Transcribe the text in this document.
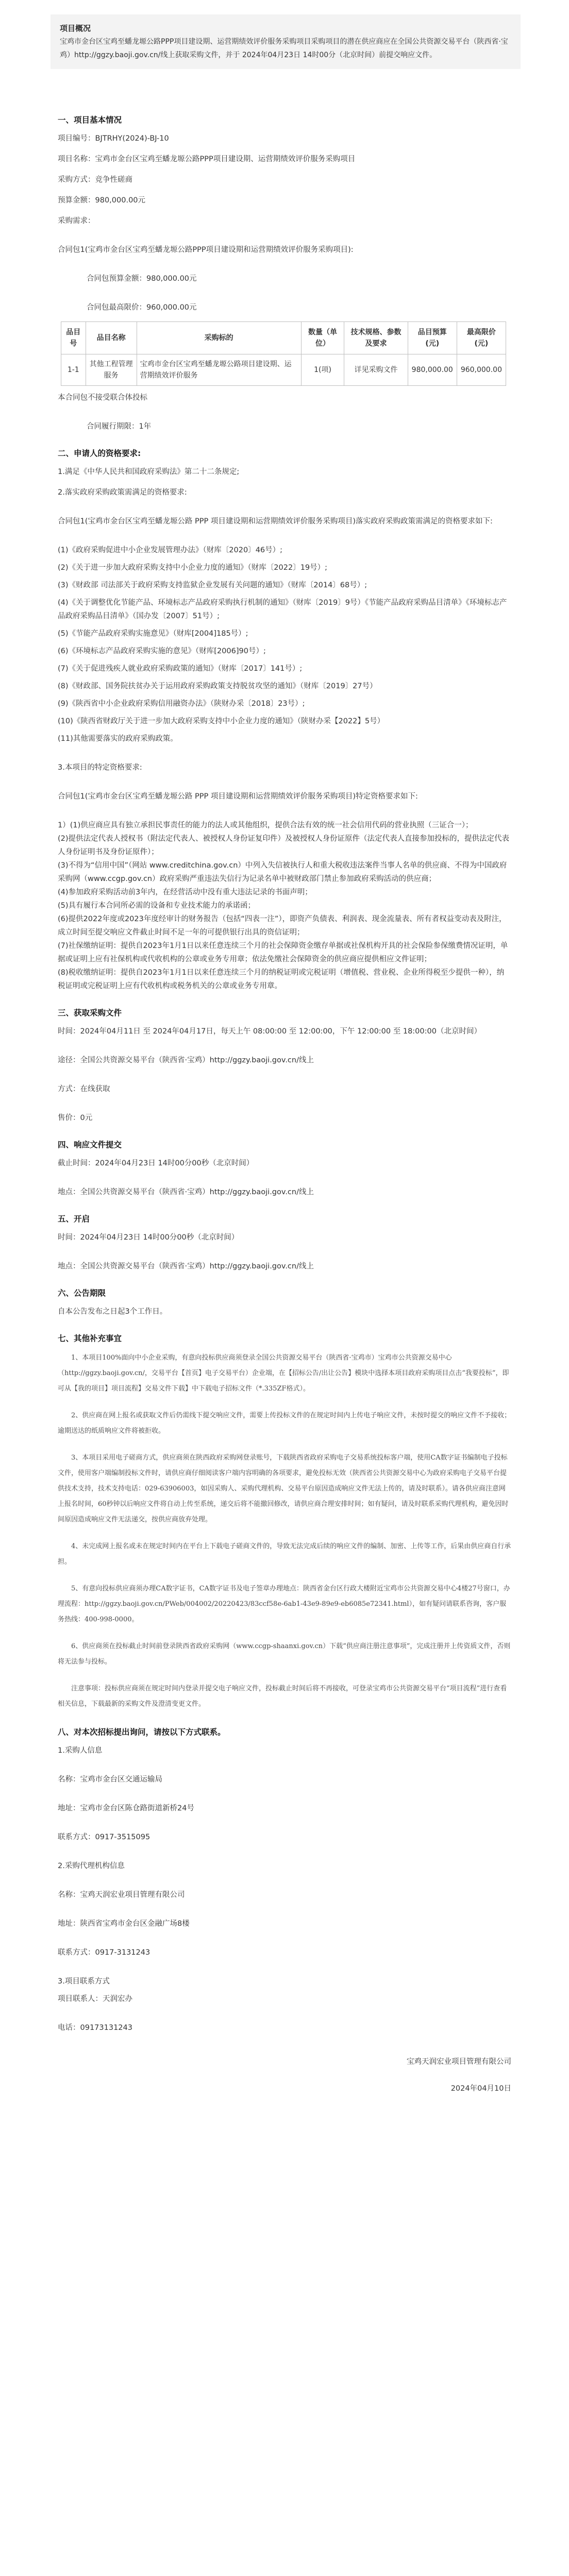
项目概况
宝鸡市金台区宝鸡至蟠龙塬公路PPP项目建设期、运营期绩效评价服务采购项目采购项目的潜在供应商应在全国公共资源交易平台（陕西省·宝鸡）http://ggzy.baoji.gov.cn/线上获取采购文件，并于 2024年04月23日 14时00分（北京时间）前提交响应文件。
一、项目基本情况

项目编号：BJTRHY(2024)-BJ-10

项目名称：宝鸡市金台区宝鸡至蟠龙塬公路PPP项目建设期、运营期绩效评价服务采购项目

采购方式：竞争性磋商

预算金额：980,000.00元

采购需求：

合同包1(宝鸡市金台区宝鸡至蟠龙塬公路PPP项目建设期和运营期绩效评价服务采购项目):

合同包预算金额：980,000.00元

合同包最高限价：960,000.00元

品目号	品目名称	采购标的	数量（单位）	技术规格、参数及要求	品目预算(元)	最高限价(元)
1-1	其他工程管理服务	宝鸡市金台区宝鸡至蟠龙塬公路项目建设期、运营期绩效评价服务	1(项)	详见采购文件	980,000.00	960,000.00

本合同包不接受联合体投标

合同履行期限：1年

二、申请人的资格要求:

1.满足《中华人民共和国政府采购法》第二十二条规定;

2.落实政府采购政策需满足的资格要求:

合同包1(宝鸡市金台区宝鸡至蟠龙塬公路 PPP 项目建设期和运营期绩效评价服务采购项目)落实政府采购政策需满足的资格要求如下:

(1)《政府采购促进中小企业发展管理办法》（财库〔2020〕46号）;

(2)《关于进一步加大政府采购支持中小企业力度的通知》（财库〔2022〕19号）;

(3)《财政部 司法部关于政府采购支持监狱企业发展有关问题的通知》（财库〔2014〕68号）;

(4)《关于调整优化节能产品、环境标志产品政府采购执行机制的通知》（财库〔2019〕9号）《节能产品政府采购品目清单》《环境标志产品政府采购品目清单》（国办发〔2007〕51号）;

(5)《节能产品政府采购实施意见》（财库[2004]185号）;

(6)《环境标志产品政府采购实施的意见》（财库[2006]90号）;

(7)《关于促进残疾人就业政府采购政策的通知》（财库〔2017〕141号）;

(8)《财政部、国务院扶贫办关于运用政府采购政策支持脱贫攻坚的通知》（财库〔2019〕27号）

(9)《陕西省中小企业政府采购信用融资办法》（陕财办采〔2018〕23号）;

(10)《陕西省财政厅关于进一步加大政府采购支持中小企业力度的通知》（陕财办采【2022】5号）

(11)其他需要落实的政府采购政策。

3.本项目的特定资格要求:

合同包1(宝鸡市金台区宝鸡至蟠龙塬公路 PPP 项目建设期和运营期绩效评价服务采购项目)特定资格要求如下:

1）(1)供应商应具有独立承担民事责任的能力的法人或其他组织，提供合法有效的统一社会信用代码的营业执照（三证合一）；
(2)提供法定代表人授权书（附法定代表人、被授权人身份证复印件）及被授权人身份证原件（法定代表人直接参加投标的，提供法定代表人身份证明书及身份证原件）；
(3)不得为“信用中国”（网站 www.creditchina.gov.cn）中列入失信被执行人和重大税收违法案件当事人名单的供应商、不得为中国政府采购网（www.ccgp.gov.cn）政府采购严重违法失信行为记录名单中被财政部门禁止参加政府采购活动的供应商；
(4)参加政府采购活动前3年内，在经营活动中没有重大违法记录的书面声明；
(5)具有履行本合同所必需的设备和专业技术能力的承诺函；
(6)提供2022年度或2023年度经审计的财务报告（包括“四表一注”），即资产负债表、利润表、现金流量表、所有者权益变动表及附注，成立时间至提交响应文件截止时间不足一年的可提供银行出具的资信证明；
(7)社保缴纳证明：提供自2023年1月1日以来任意连续三个月的社会保障资金缴存单据或社保机构开具的社会保险参保缴费情况证明，单据或证明上应有社保机构或代收机构的公章或业务专用章；依法免缴社会保障资金的供应商应提供相应文件证明；
(8)税收缴纳证明：提供自2023年1月1日以来任意连续三个月的纳税证明或完税证明（增值税、营业税、企业所得税至少提供一种），纳税证明或完税证明上应有代收机构或税务机关的公章或业务专用章。

三、获取采购文件

时间：2024年04月11日 至 2024年04月17日，每天上午 08:00:00 至 12:00:00，下午 12:00:00 至 18:00:00（北京时间）

途径：全国公共资源交易平台（陕西省·宝鸡）http://ggzy.baoji.gov.cn/线上

方式：在线获取

售价：0元

四、响应文件提交

截止时间：2024年04月23日 14时00分00秒（北京时间）

地点：全国公共资源交易平台（陕西省·宝鸡）http://ggzy.baoji.gov.cn/线上

五、开启

时间：2024年04月23日 14时00分00秒（北京时间）

地点：全国公共资源交易平台（陕西省·宝鸡）http://ggzy.baoji.gov.cn/线上

六、公告期限

自本公告发布之日起3个工作日。

七、其他补充事宜

1、本项目100%面向中小企业采购，有意向投标供应商须登录全国公共资源交易平台（陕西省·宝鸡市）宝鸡市公共资源交易中心（http://ggzy.baoji.gov.cn/，交易平台【首页】电子交易平台）企业端，在【招标公告/出让公告】模块中选择本项目政府采购项目点击“我要投标”，即可从【我的项目】项目流程】交易文件下载】中下载电子招标文件（*.335ZF格式）。

2、供应商在网上报名或获取文件后仍需线下提交响应文件，需要上传投标文件的在规定时间内上传电子响应文件，未按时提交的响应文件不予接收；逾期送达的纸质响应文件将被拒收。

3、本项目采用电子磋商方式，供应商须在陕西政府采购网登录账号，下载陕西省政府采购电子交易系统投标客户端，使用CA数字证书编制电子投标文件，使用客户端编制投标文件时，请供应商仔细阅读客户端内容明确的各项要求，避免投标无效（陕西省公共资源交易中心为政府采购电子交易平台提供技术支持，技术支持电话：029-63906003，如因采购人、采购代理机构、交易平台原因造成响应文件无法上传的，请及时联系）。请各供应商注意网上报名时间，60秒钟以后响应文件将自动上传至系统，递交后将不能撤回修改，请供应商合理安排时间；如有疑问，请及时联系采购代理机构，避免因时间原因造成响应文件无法递交，按供应商放弃处理。

4、未完成网上报名或未在规定时间内在平台上下载电子磋商文件的，导致无法完成后续的响应文件的编制、加密、上传等工作，后果由供应商自行承担。

5、有意向投标供应商须办理CA数字证书，CA数字证书及电子签章办理地点：陕西省金台区行政大楼附近宝鸡市公共资源交易中心4楼27号窗口，办理流程：http://ggzy.baoji.gov.cn/PWeb/004002/20220423/83ccf58e-6ab1-43e9-89e9-eb6085e72341.html），如有疑问请联系咨询，客户服务热线：400-998-0000。

6、供应商须在投标截止时间前登录陕西省政府采购网（www.ccgp-shaanxi.gov.cn）下载“供应商注册注意事项”，完成注册并上传资质文件，否则将无法参与投标。

注意事项：投标供应商须在规定时间内登录并提交电子响应文件，投标截止时间后将不再接收，可登录宝鸡市公共资源交易平台“项目流程”进行查看相关信息，下载最新的采购文件及澄清变更文件。

八、对本次招标提出询问，请按以下方式联系。

1.采购人信息

名称：宝鸡市金台区交通运输局

地址：宝鸡市金台区陈仓路街道新桥24号

联系方式：0917-3515095

2.采购代理机构信息

名称：宝鸡天润宏业项目管理有限公司

地址：陕西省宝鸡市金台区金融广场8楼

联系方式：0917-3131243

3.项目联系方式

项目联系人：天润宏办

电话：09173131243

宝鸡天润宏业项目管理有限公司

2024年04月10日
